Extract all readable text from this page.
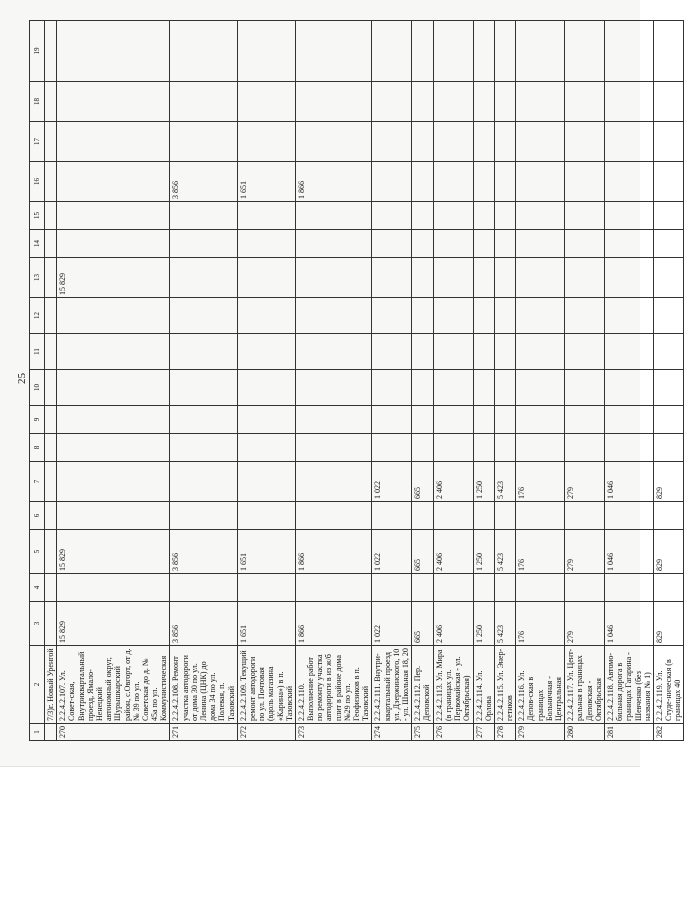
25
1	2	3	4	5	6	7	8	9	10	11	12	13	14	15	16	17	18	19
	7/3)г. Новый Уренгой																	
270	2.2.4.2.107. Ул. Совет-ская, Внутриквартальный проезд, Ямало-Ненецкий автономный округ, Шурышкарский район, с.Овгорт, от д. № 39 по ул. Советская до д. № 45а по ул. Коммунистическая	15 829		15 829								15 829						
271	2.2.4.2.108. Ремонт участка автодороги от дома 30 по ул. Ленина (ЦНК) до дома 34 по ул. Полевая, п. Тазовский	3 856		3 856											3 856			
272	2.2.4.2.109. Текущий ремонт автодороги по ул. Почтовая (вдоль магазина «Карина») в п. Тазовский	1 651		1 651											1 651			
273	2.2.4.2.110. Выполнение работ по ремонту участка автодороги в из ж/б плит в районе дома №29 по ул. Геофизиков в п. Тазовский	1 866		1 866											1 866			
274	2.2.4.2.111. Внутри-квартальный проезд ул. Дзержинского, 10 - ул. Школьная 18, 20	1 022		1 022		1 022												
275	2.2.4.2.112. Пер. Деповской	665		665		665												
276	2.2.4.2.113. Ул. Мира (в границах ул. Первомайская - ул. Октябрьская)	2 406		2 406		2 406												
277	2.2.4.2.114. Ул. Орлова	1 250		1 250		1 250												
278	2.2.4.2.115. Ул. Энер-гетиков	5 423		5 423		5 423												
279	2.2.4.2.116. Ул. Депов-ская в границах Больничная - Центральная	176		176		176												
280	2.2.4.2.117. Ул. Цент-ральная в границах Деповская - Октябрьская	279		279		279												
281	2.2.4.2.118. Автомо-бильная дорога в границах Гагарина - Шевченко (без названия № 1)	1 046		1 046		1 046												
282	2.2.4.2.119. Ул. Студе-ническая (в границах 40	829		829		829												
